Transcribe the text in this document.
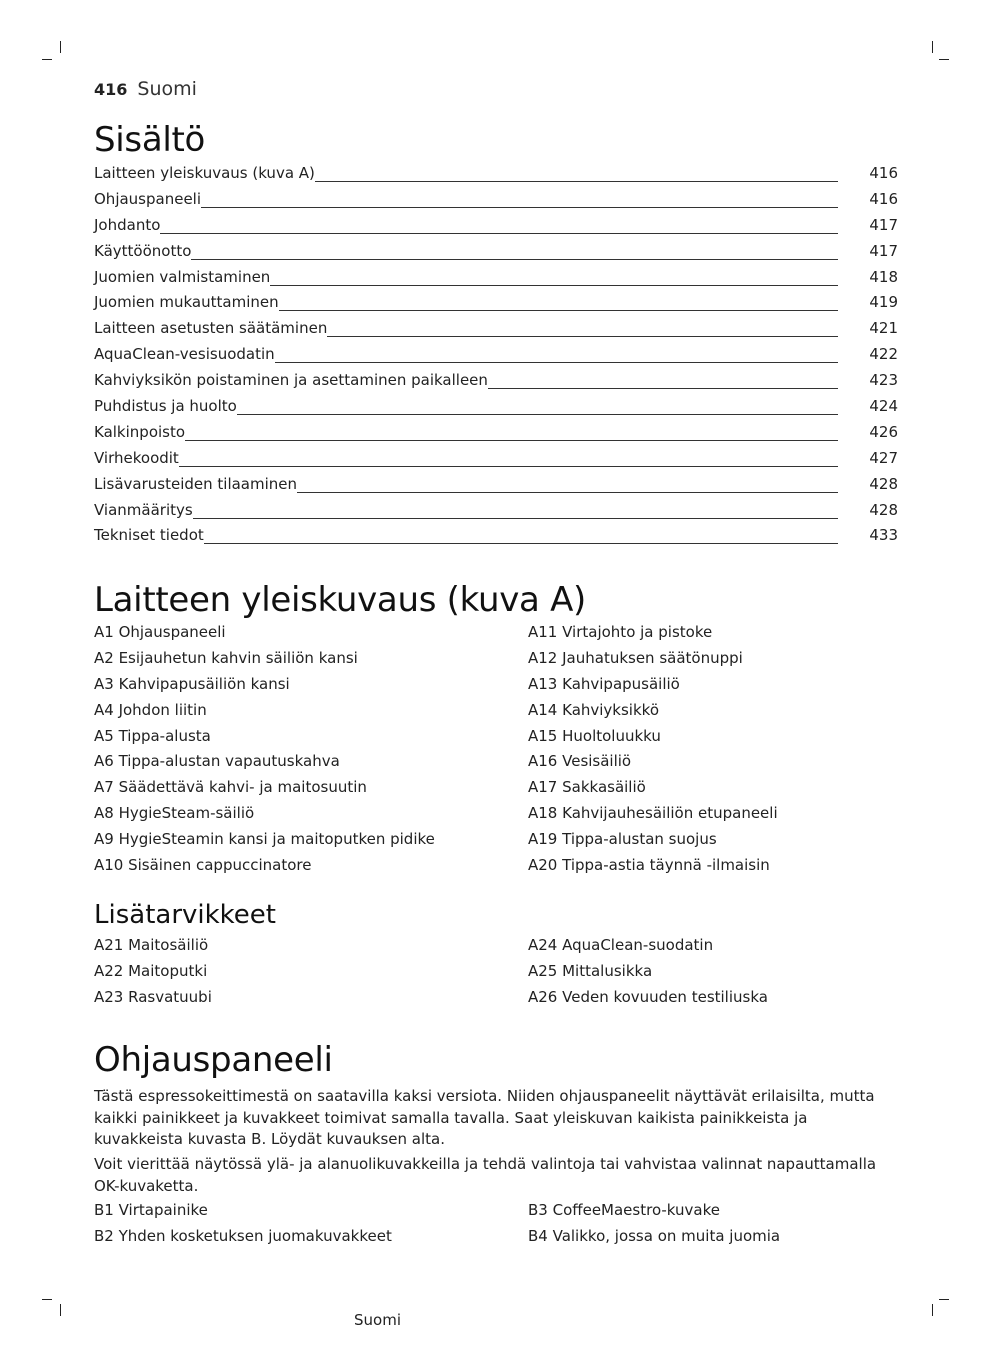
416 Suomi
Sisältö
Laitteen yleiskuvaus (kuva A)	416
Ohjauspaneeli	416
Johdanto	417
Käyttöönotto	417
Juomien valmistaminen	418
Juomien mukauttaminen	419
Laitteen asetusten säätäminen	421
AquaClean-vesisuodatin	422
Kahviyksikön poistaminen ja asettaminen paikalleen	423
Puhdistus ja huolto	424
Kalkinpoisto	426
Virhekoodit	427
Lisävarusteiden tilaaminen	428
Vianmääritys	428
Tekniset tiedot	433
Laitteen yleiskuvaus (kuva A)
A1 Ohjauspaneeli	A11 Virtajohto ja pistoke
A2 Esijauhetun kahvin säiliön kansi	A12 Jauhatuksen säätönuppi
A3 Kahvipapusäiliön kansi	A13 Kahvipapusäiliö
A4 Johdon liitin	A14 Kahviyksikkö
A5 Tippa-alusta	A15 Huoltoluukku
A6 Tippa-alustan vapautuskahva	A16 Vesisäiliö
A7 Säädettävä kahvi- ja maitosuutin	A17 Sakkasäiliö
A8 HygieSteam-säiliö	A18 Kahvijauhesäiliön etupaneeli
A9 HygieSteamin kansi ja maitoputken pidike	A19 Tippa-alustan suojus
A10 Sisäinen cappuccinatore	A20 Tippa-astia täynnä -ilmaisin
Lisätarvikkeet
A21 Maitosäiliö	A24 AquaClean-suodatin
A22 Maitoputki	A25 Mittalusikka
A23 Rasvatuubi	A26 Veden kovuuden testiliuska
Ohjauspaneeli

Tästä espressokeittimestä on saatavilla kaksi versiota. Niiden ohjauspaneelit näyttävät erilaisilta, mutta kaikki painikkeet ja kuvakkeet toimivat samalla tavalla. Saat yleiskuvan kaikista painikkeista ja kuvakkeista kuvasta B. Löydät kuvauksen alta.

Voit vierittää näytössä ylä- ja alanuolikuvakkeilla ja tehdä valintoja tai vahvistaa valinnat napauttamalla OK-kuvaketta.

B1 Virtapainike	B3 CoffeeMaestro-kuvake
B2 Yhden kosketuksen juomakuvakkeet	B4 Valikko, jossa on muita juomia
Suomi
